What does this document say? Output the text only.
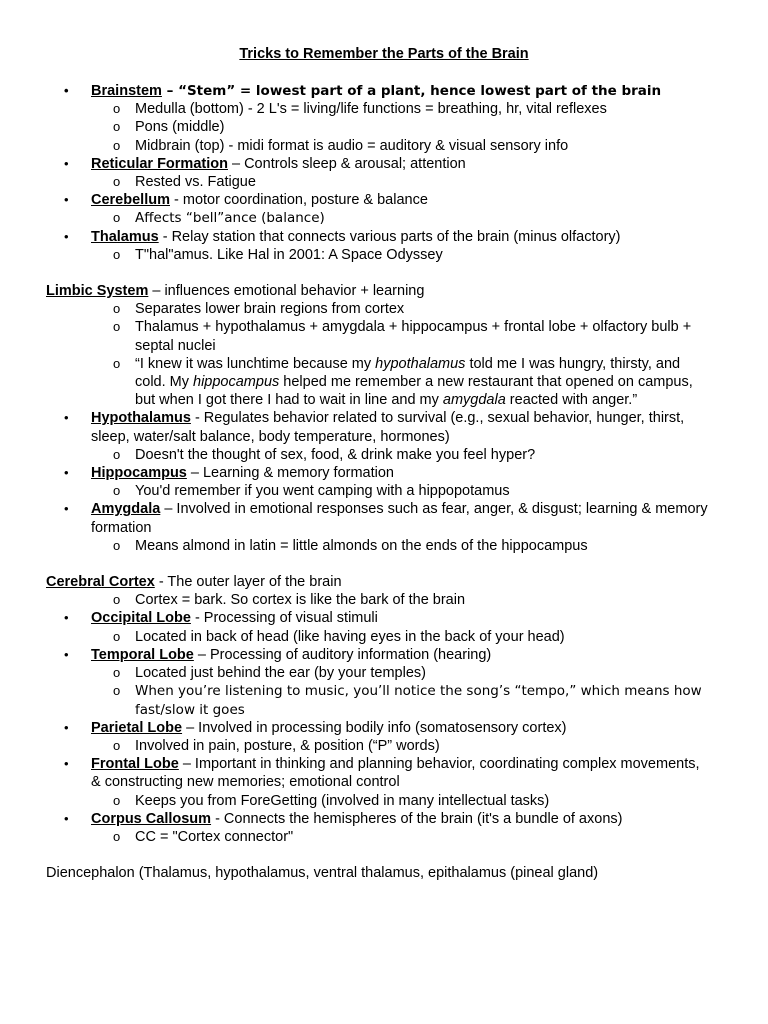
Tricks to Remember the Parts of the Brain
• Brainstem – “Stem” = lowest part of a plant, hence lowest part of the brain
o Medulla (bottom) - 2 L's = living/life functions = breathing, hr, vital reflexes
o Pons (middle)
o Midbrain (top) - midi format is audio = auditory & visual sensory info
• Reticular Formation – Controls sleep & arousal; attention
o Rested vs. Fatigue
• Cerebellum - motor coordination, posture & balance
o Affects “bell”ance (balance)
• Thalamus - Relay station that connects various parts of the brain (minus olfactory)
o T"hal"amus. Like Hal in 2001: A Space Odyssey
Limbic System – influences emotional behavior + learning
o Separates lower brain regions from cortex
o Thalamus + hypothalamus + amygdala + hippocampus + frontal lobe + olfactory bulb + septal nuclei
o “I knew it was lunchtime because my hypothalamus told me I was hungry, thirsty, and cold. My hippocampus helped me remember a new restaurant that opened on campus, but when I got there I had to wait in line and my amygdala reacted with anger.”
• Hypothalamus - Regulates behavior related to survival (e.g., sexual behavior, hunger, thirst, sleep, water/salt balance, body temperature, hormones)
o Doesn't the thought of sex, food, & drink make you feel hyper?
• Hippocampus – Learning & memory formation
o You'd remember if you went camping with a hippopotamus
• Amygdala – Involved in emotional responses such as fear, anger, & disgust; learning & memory formation
o Means almond in latin = little almonds on the ends of the hippocampus
Cerebral Cortex - The outer layer of the brain
o Cortex = bark. So cortex is like the bark of the brain
• Occipital Lobe - Processing of visual stimuli
o Located in back of head (like having eyes in the back of your head)
• Temporal Lobe – Processing of auditory information (hearing)
o Located just behind the ear (by your temples)
o When you’re listening to music, you’ll notice the song’s “tempo,” which means how fast/slow it goes
• Parietal Lobe – Involved in processing bodily info (somatosensory cortex)
o Involved in pain, posture, & position (“P” words)
• Frontal Lobe – Important in thinking and planning behavior, coordinating complex movements, & constructing new memories; emotional control
o Keeps you from ForeGetting (involved in many intellectual tasks)
• Corpus Callosum - Connects the hemispheres of the brain (it's a bundle of axons)
o CC = "Cortex connector"
Diencephalon (Thalamus, hypothalamus, ventral thalamus, epithalamus (pineal gland)
